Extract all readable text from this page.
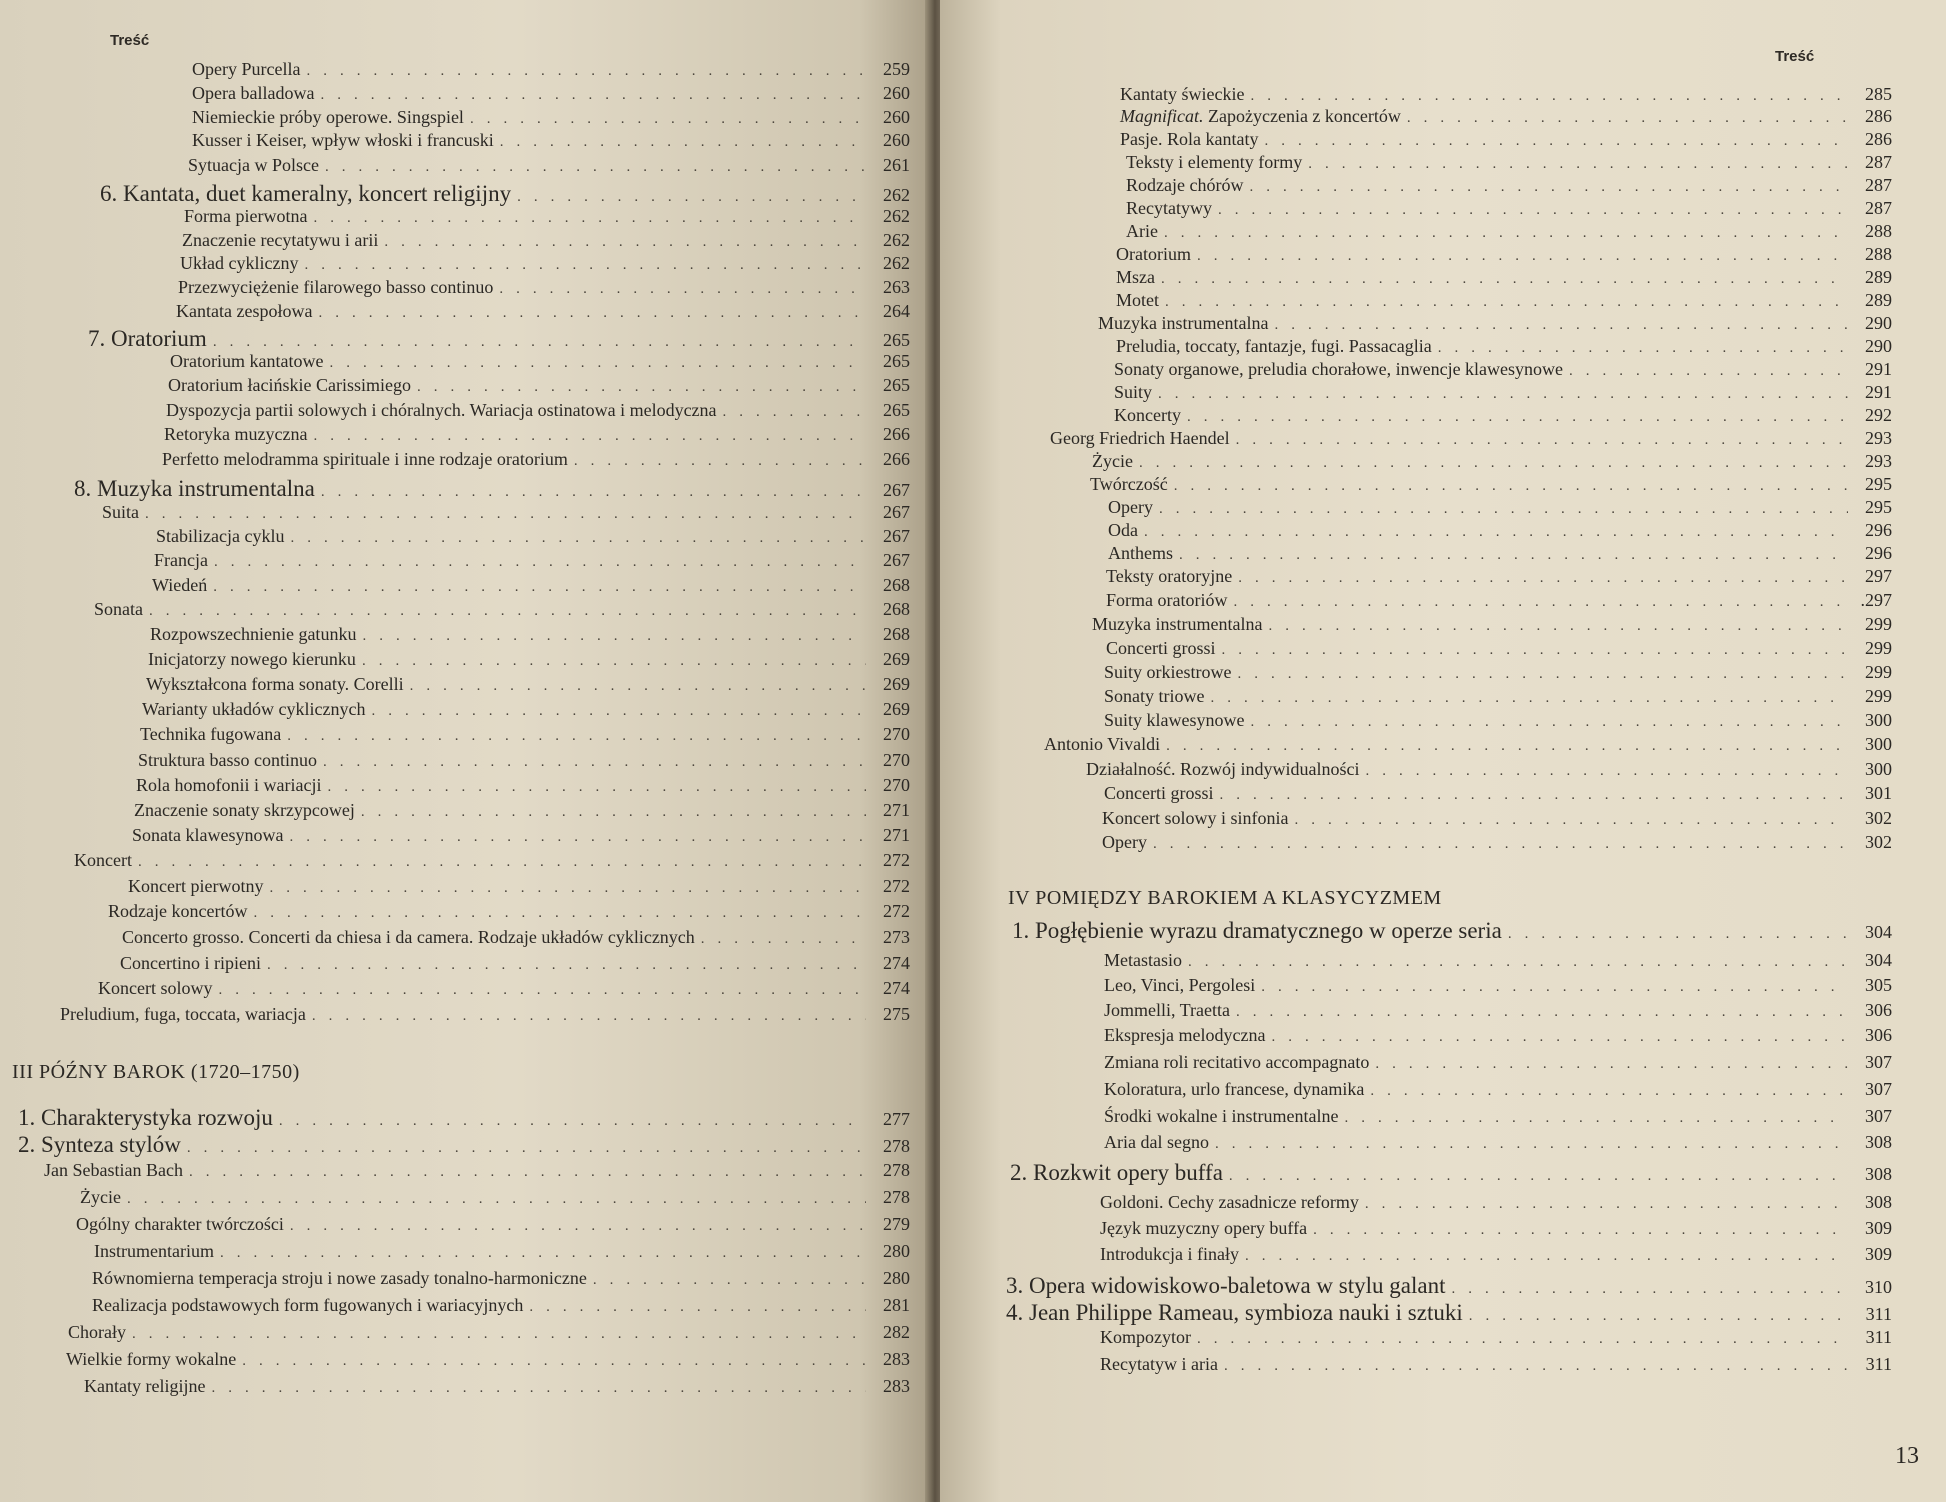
Treść
Opery Purcella .....	259
Opera balladowa .....	260
Niemieckie próby operowe. Singspiel .....	260
Kusser i Keiser, wpływ włoski i francuski .....	260
Sytuacja w Polsce .....	261
6. Kantata, duet kameralny, koncert religijny .....	262
Forma pierwotna .....	262
Znaczenie recytatywu i arii .....	262
Układ cykliczny .....	262
Przezwyciężenie filarowego basso continuo .....	263
Kantata zespołowa .....	264
7. Oratorium .....	265
Oratorium kantatowe .....	265
Oratorium łacińskie Carissimiego .....	265
Dyspozycja partii solowych i chóralnych. Wariacja ostinatowa i melodyczna .....	265
Retoryka muzyczna .....	266
Perfetto melodramma spirituale i inne rodzaje oratorium .....	266
8. Muzyka instrumentalna .....	267
Suita .....	267
Stabilizacja cyklu .....	267
Francja .....	267
Wiedeń .....	268
Sonata .....	268
Rozpowszechnienie gatunku .....	268
Inicjatorzy nowego kierunku .....	269
Wykształcona forma sonaty. Corelli .....	269
Warianty układów cyklicznych .....	269
Technika fugowana .....	270
Struktura basso continuo .....	270
Rola homofonii i wariacji .....	270
Znaczenie sonaty skrzypcowej .....	271
Sonata klawesynowa .....	271
Koncert .....	272
Koncert pierwotny .....	272
Rodzaje koncertów .....	272
Concerto grosso. Concerti da chiesa i da camera. Rodzaje układów cyklicznych .....	273
Concertino i ripieni .....	274
Koncert solowy .....	274
Preludium, fuga, toccata, wariacja .....	275
III PÓŹNY BAROK (1720–1750)
1. Charakterystyka rozwoju .....	277
2. Synteza stylów .....	278
Jan Sebastian Bach .....	278
Życie .....	278
Ogólny charakter twórczości .....	279
Instrumentarium .....	280
Równomierna temperacja stroju i nowe zasady tonalno-harmoniczne .....	280
Realizacja podstawowych form fugowanych i wariacyjnych .....	281
Chorały .....	282
Wielkie formy wokalne .....	283
Kantaty religijne .....	283
Treść
Kantaty świeckie .....	285
Magnificat. Zapożyczenia z koncertów .....	286
Pasje. Rola kantaty .....	286
Teksty i elementy formy .....	287
Rodzaje chórów .....	287
Recytatywy .....	287
Arie .....	288
Oratorium .....	288
Msza .....	289
Motet .....	289
Muzyka instrumentalna .....	290
Preludia, toccaty, fantazje, fugi. Passacaglia .....	290
Sonaty organowe, preludia chorałowe, inwencje klawesynowe .....	291
Suity .....	291
Koncerty .....	292
Georg Friedrich Haendel .....	293
Życie .....	293
Twórczość .....	295
Opery .....	295
Oda .....	296
Anthems .....	296
Teksty oratoryjne .....	297
Forma oratoriów .....	.297
Muzyka instrumentalna .....	299
Concerti grossi .....	299
Suity orkiestrowe .....	299
Sonaty triowe .....	299
Suity klawesynowe .....	300
Antonio Vivaldi .....	300
Działalność. Rozwój indywidualności .....	300
Concerti grossi .....	301
Koncert solowy i sinfonia .....	302
Opery .....	302
IV POMIĘDZY BAROKIEM A KLASYCYZMEM
1. Pogłębienie wyrazu dramatycznego w operze seria .....	304
Metastasio .....	304
Leo, Vinci, Pergolesi .....	305
Jommelli, Traetta .....	306
Ekspresja melodyczna .....	306
Zmiana roli recitativo accompagnato .....	307
Koloratura, urlo francese, dynamika .....	307
Środki wokalne i instrumentalne .....	307
Aria dal segno .....	308
2. Rozkwit opery buffa .....	308
Goldoni. Cechy zasadnicze reformy .....	308
Język muzyczny opery buffa .....	309
Introdukcja i finały .....	309
3. Opera widowiskowo-baletowa w stylu galant .....	310
4. Jean Philippe Rameau, symbioza nauki i sztuki .....	311
Kompozytor .....	311
Recytatyw i aria .....	311
13
